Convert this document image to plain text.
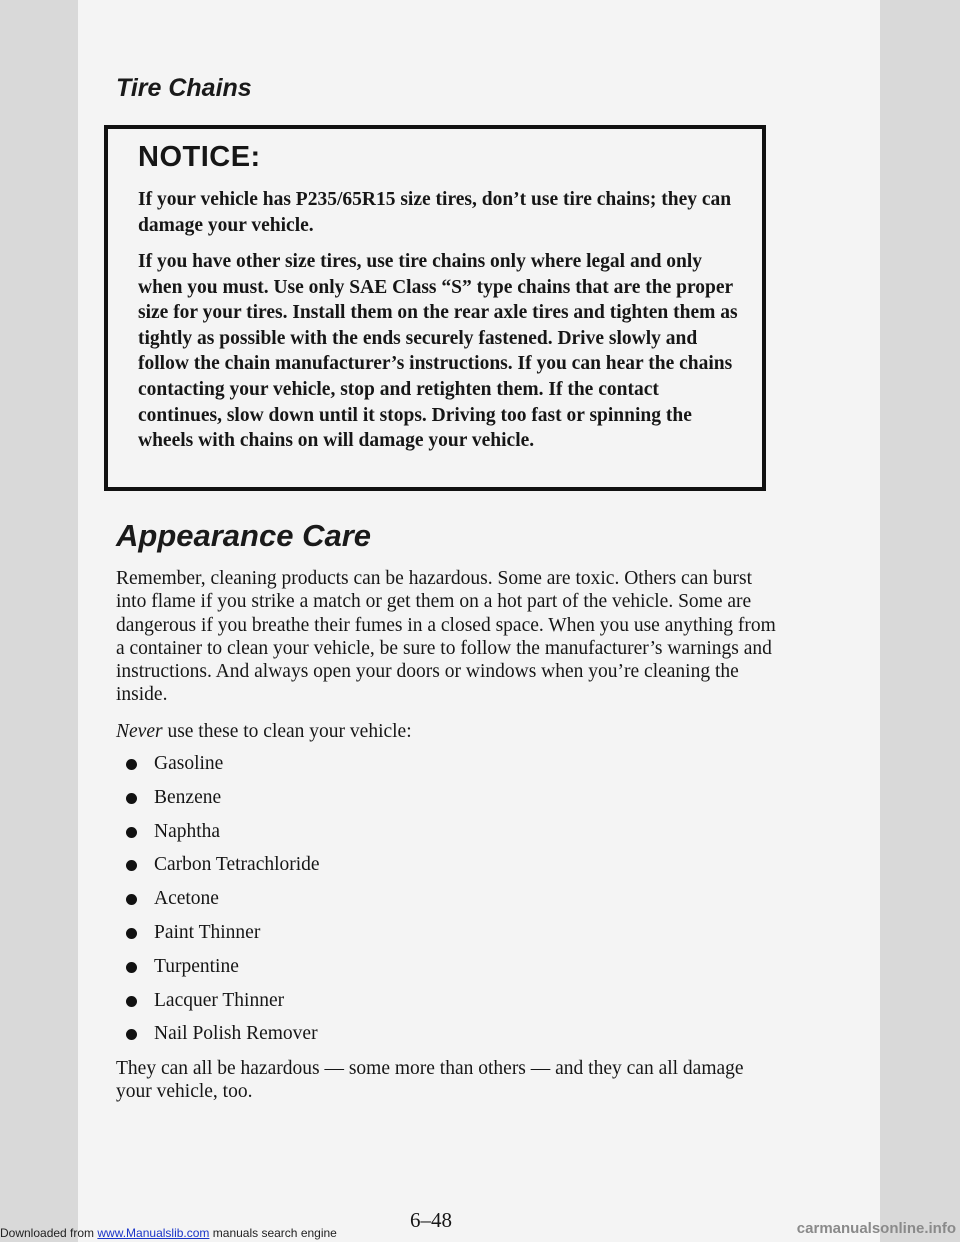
Tire Chains
NOTICE:

If your vehicle has P235/65R15 size tires, don’t use tire chains; they can damage your vehicle.

If you have other size tires, use tire chains only where legal and only when you must. Use only SAE Class “S” type chains that are the proper size for your tires. Install them on the rear axle tires and tighten them as tightly as possible with the ends securely fastened. Drive slowly and follow the chain manufacturer’s instructions. If you can hear the chains contacting your vehicle, stop and retighten them. If the contact continues, slow down until it stops. Driving too fast or spinning the wheels with chains on will damage your vehicle.

Appearance Care

Remember, cleaning products can be hazardous. Some are toxic. Others can burst into flame if you strike a match or get them on a hot part of the vehicle. Some are dangerous if you breathe their fumes in a closed space. When you use anything from a container to clean your vehicle, be sure to follow the manufacturer’s warnings and instructions. And always open your doors or windows when you’re cleaning the inside.

Never use these to clean your vehicle:

Gasoline
Benzene
Naphtha
Carbon Tetrachloride
Acetone
Paint Thinner
Turpentine
Lacquer Thinner
Nail Polish Remover

They can all be hazardous — some more than others — and they can all damage your vehicle, too.

6–48

Downloaded from www.Manualslib.com manuals search engine	carmanualsonline.info
